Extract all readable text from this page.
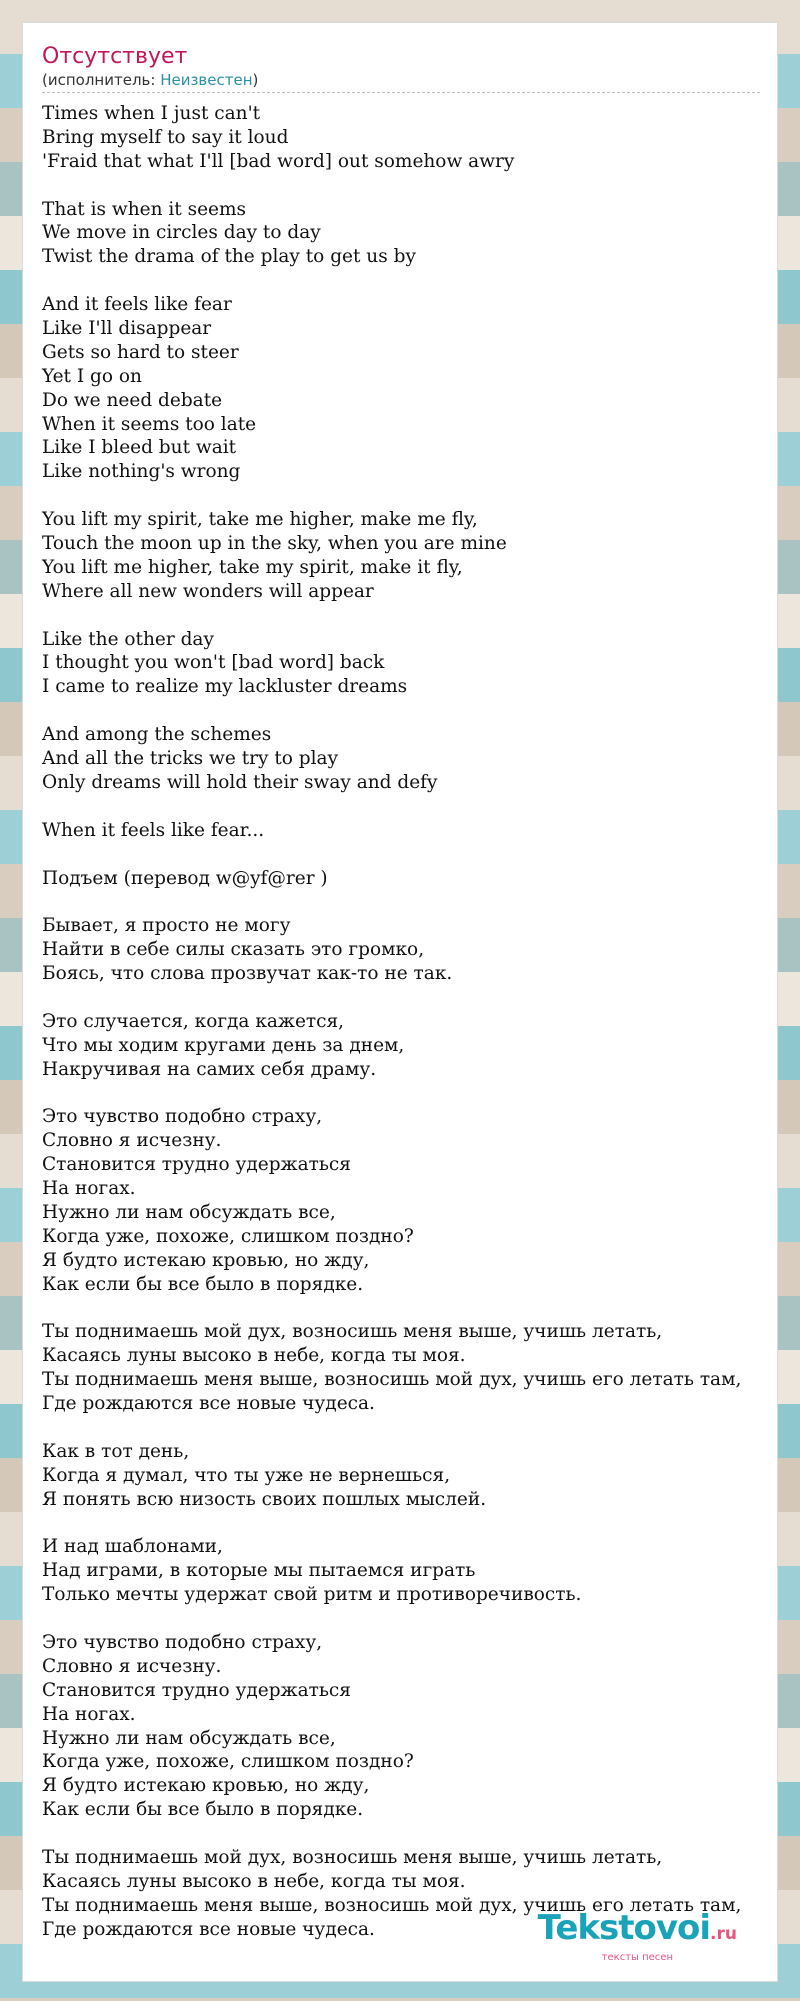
Отсутствует
(исполнитель: Неизвестен)
Times when I just can't
Bring myself to say it loud
'Fraid that what I'll [bad word] out somehow awry
That is when it seems
We move in circles day to day
Twist the drama of the play to get us by
And it feels like fear
Like I'll disappear
Gets so hard to steer
Yet I go on
Do we need debate
When it seems too late
Like I bleed but wait
Like nothing's wrong
You lift my spirit, take me higher, make me fly,
Touch the moon up in the sky, when you are mine
You lift me higher, take my spirit, make it fly,
Where all new wonders will appear
Like the other day
I thought you won't [bad word] back
I came to realize my lackluster dreams
And among the schemes
And all the tricks we try to play
Only dreams will hold their sway and defy
When it feels like fear...
Подъем (перевод w@yf@rer )
Бывает, я просто не могу
Найти в себе силы сказать это громко,
Боясь, что слова прозвучат как-то не так.
Это случается, когда кажется,
Что мы ходим кругами день за днем,
Накручивая на самих себя драму.
Это чувство подобно страху,
Словно я исчезну.
Становится трудно удержаться
На ногах.
Нужно ли нам обсуждать все,
Когда уже, похоже, слишком поздно?
Я будто истекаю кровью, но жду,
Как если бы все было в порядке.
Ты поднимаешь мой дух, возносишь меня выше, учишь летать,
Касаясь луны высоко в небе, когда ты моя.
Ты поднимаешь меня выше, возносишь мой дух, учишь его летать там,
Где рождаются все новые чудеса.
Как в тот день,
Когда я думал, что ты уже не вернешься,
Я понять всю низость своих пошлых мыслей.
И над шаблонами,
Над играми, в которые мы пытаемся играть
Только мечты удержат свой ритм и противоречивость.
Это чувство подобно страху,
Словно я исчезну.
Становится трудно удержаться
На ногах.
Нужно ли нам обсуждать все,
Когда уже, похоже, слишком поздно?
Я будто истекаю кровью, но жду,
Как если бы все было в порядке.
Ты поднимаешь мой дух, возносишь меня выше, учишь летать,
Касаясь луны высоко в небе, когда ты моя.
Ты поднимаешь меня выше, возносишь мой дух, учишь его летать там,
Где рождаются все новые чудеса.	Tekstovoi.ru
тексты песен
